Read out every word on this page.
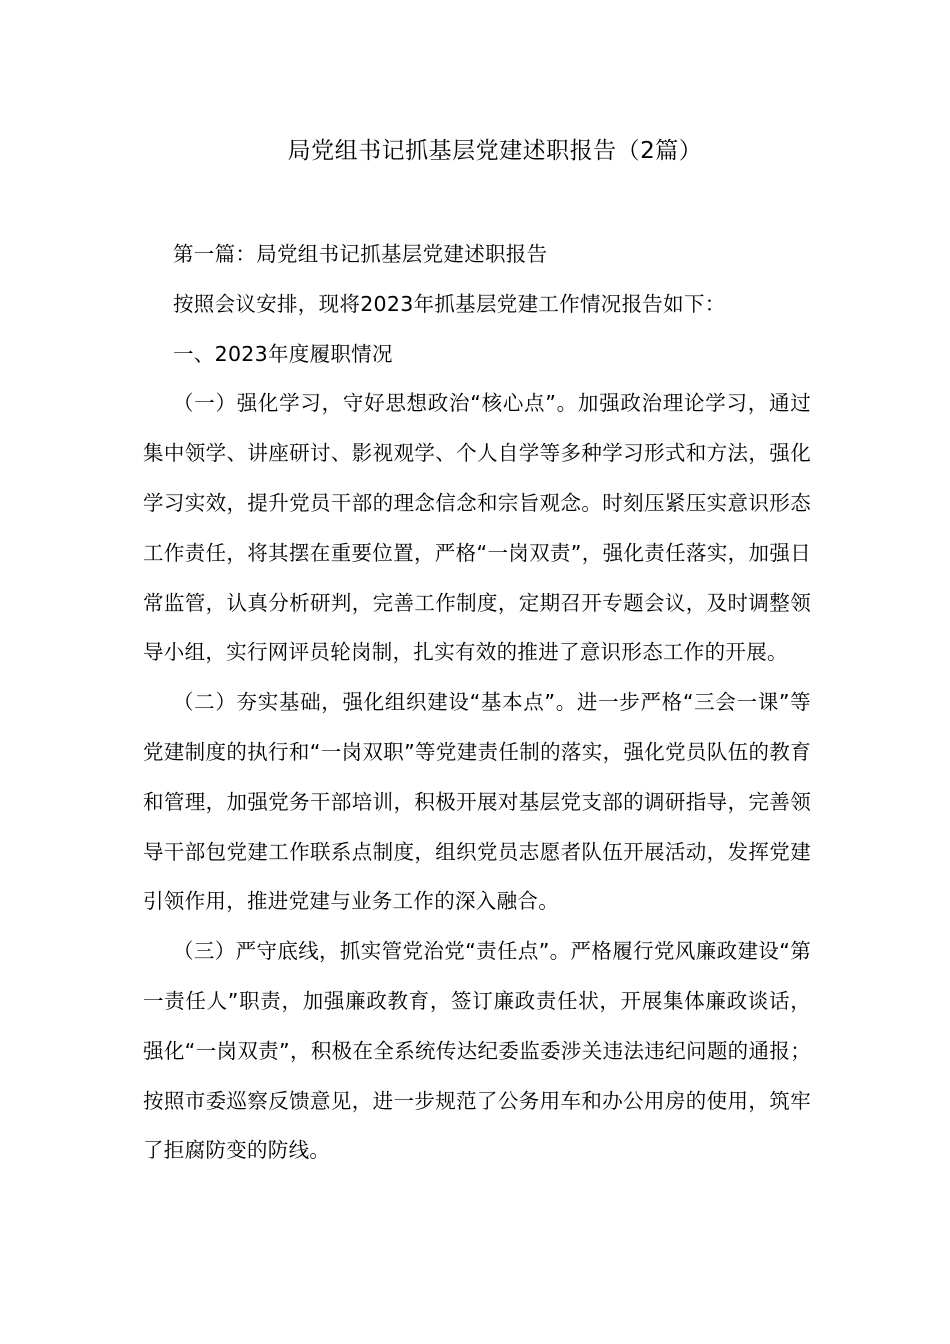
局党组书记抓基层党建述职报告（2篇）

第一篇：局党组书记抓基层党建述职报告

按照会议安排，现将2023年抓基层党建工作情况报告如下：

一、2023年度履职情况

（一）强化学习，守好思想政治“核心点”。加强政治理论学习，通过集中领学、讲座研讨、影视观学、个人自学等多种学习形式和方法，强化学习实效，提升党员干部的理念信念和宗旨观念。时刻压紧压实意识形态工作责任，将其摆在重要位置，严格“一岗双责”，强化责任落实，加强日常监管，认真分析研判，完善工作制度，定期召开专题会议，及时调整领导小组，实行网评员轮岗制，扎实有效的推进了意识形态工作的开展。

（二）夯实基础，强化组织建设“基本点”。进一步严格“三会一课”等党建制度的执行和“一岗双职”等党建责任制的落实，强化党员队伍的教育和管理，加强党务干部培训，积极开展对基层党支部的调研指导，完善领导干部包党建工作联系点制度，组织党员志愿者队伍开展活动，发挥党建引领作用，推进党建与业务工作的深入融合。

（三）严守底线，抓实管党治党“责任点”。严格履行党风廉政建设“第一责任人”职责，加强廉政教育，签订廉政责任状，开展集体廉政谈话，强化“一岗双责”，积极在全系统传达纪委监委涉关违法违纪问题的通报；按照市委巡察反馈意见，进一步规范了公务用车和办公用房的使用，筑牢了拒腐防变的防线。
